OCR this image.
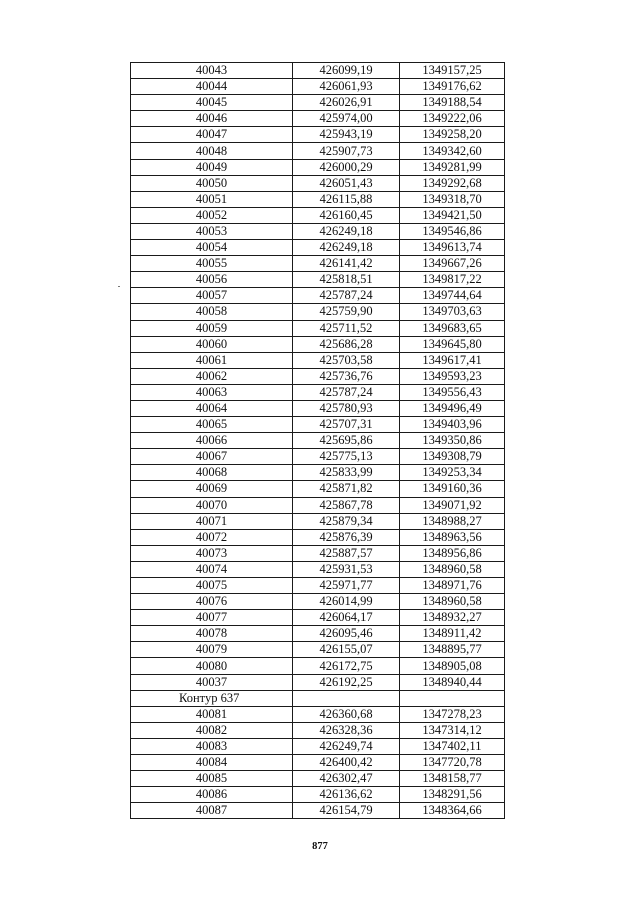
40043	426099,19	1349157,25
40044	426061,93	1349176,62
40045	426026,91	1349188,54
40046	425974,00	1349222,06
40047	425943,19	1349258,20
40048	425907,73	1349342,60
40049	426000,29	1349281,99
40050	426051,43	1349292,68
40051	426115,88	1349318,70
40052	426160,45	1349421,50
40053	426249,18	1349546,86
40054	426249,18	1349613,74
40055	426141,42	1349667,26
40056	425818,51	1349817,22
40057	425787,24	1349744,64
40058	425759,90	1349703,63
40059	425711,52	1349683,65
40060	425686,28	1349645,80
40061	425703,58	1349617,41
40062	425736,76	1349593,23
40063	425787,24	1349556,43
40064	425780,93	1349496,49
40065	425707,31	1349403,96
40066	425695,86	1349350,86
40067	425775,13	1349308,79
40068	425833,99	1349253,34
40069	425871,82	1349160,36
40070	425867,78	1349071,92
40071	425879,34	1348988,27
40072	425876,39	1348963,56
40073	425887,57	1348956,86
40074	425931,53	1348960,58
40075	425971,77	1348971,76
40076	426014,99	1348960,58
40077	426064,17	1348932,27
40078	426095,46	1348911,42
40079	426155,07	1348895,77
40080	426172,75	1348905,08
40037	426192,25	1348940,44
Контур 637		
40081	426360,68	1347278,23
40082	426328,36	1347314,12
40083	426249,74	1347402,11
40084	426400,42	1347720,78
40085	426302,47	1348158,77
40086	426136,62	1348291,56
40087	426154,79	1348364,66
877
